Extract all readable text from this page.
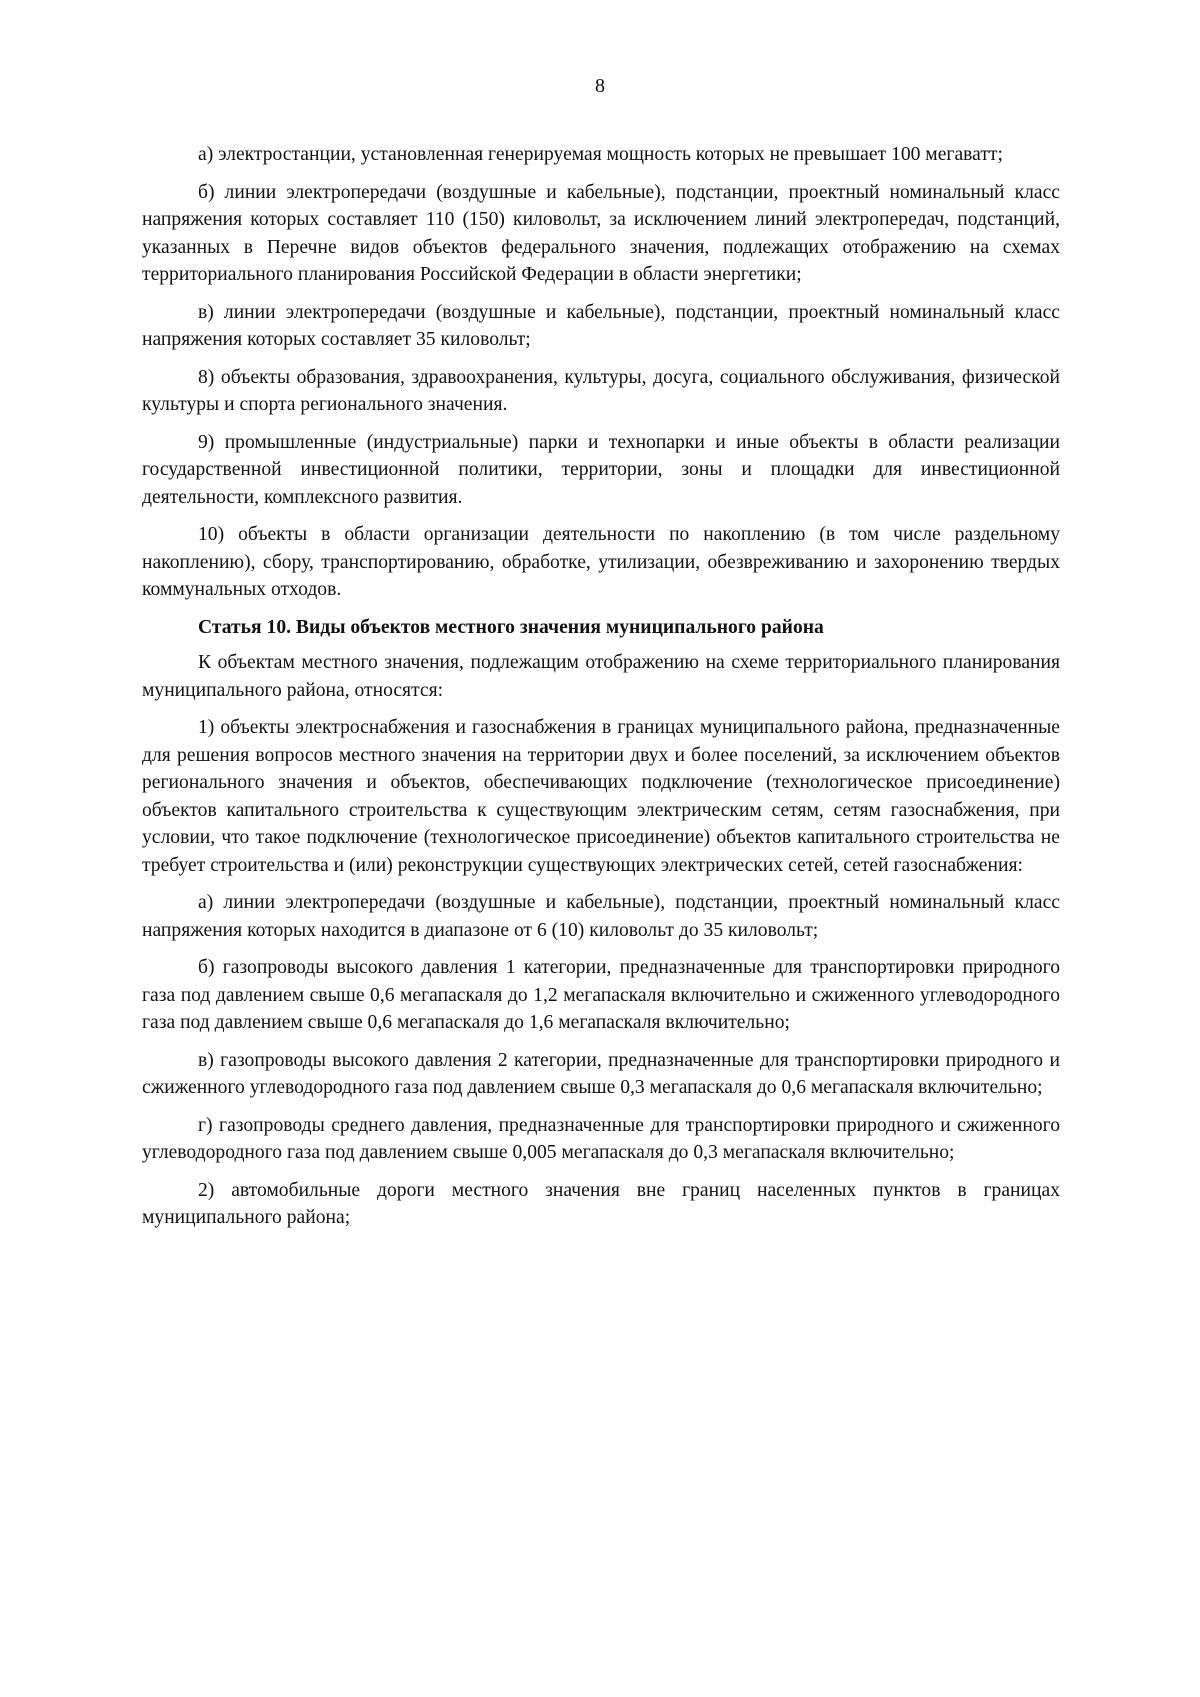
8

а) электростанции, установленная генерируемая мощность которых не превышает 100 мегаватт;

б) линии электропередачи (воздушные и кабельные), подстанции, проектный номинальный класс напряжения которых составляет 110 (150) киловольт, за исключением линий электропередач, подстанций, указанных в Перечне видов объектов федерального значения, подлежащих отображению на схемах территориального планирования Российской Федерации в области энергетики;

в) линии электропередачи (воздушные и кабельные), подстанции, проектный номинальный класс напряжения которых составляет 35 киловольт;

8) объекты образования, здравоохранения, культуры, досуга, социального обслуживания, физической культуры и спорта регионального значения.

9) промышленные (индустриальные) парки и технопарки и иные объекты в области реализации государственной инвестиционной политики, территории, зоны и площадки для инвестиционной деятельности, комплексного развития.

10) объекты в области организации деятельности по накоплению (в том числе раздельному накоплению), сбору, транспортированию, обработке, утилизации, обезвреживанию и захоронению твердых коммунальных отходов.

Статья 10. Виды объектов местного значения муниципального района

К объектам местного значения, подлежащим отображению на схеме территориального планирования муниципального района, относятся:

1) объекты электроснабжения и газоснабжения в границах муниципального района, предназначенные для решения вопросов местного значения на территории двух и более поселений, за исключением объектов регионального значения и объектов, обеспечивающих подключение (технологическое присоединение) объектов капитального строительства к существующим электрическим сетям, сетям газоснабжения, при условии, что такое подключение (технологическое присоединение) объектов капитального строительства не требует строительства и (или) реконструкции существующих электрических сетей, сетей газоснабжения:

а) линии электропередачи (воздушные и кабельные), подстанции, проектный номинальный класс напряжения которых находится в диапазоне от 6 (10) киловольт до 35 киловольт;

б) газопроводы высокого давления 1 категории, предназначенные для транспортировки природного газа под давлением свыше 0,6 мегапаскаля до 1,2 мегапаскаля включительно и сжиженного углеводородного газа под давлением свыше 0,6 мегапаскаля до 1,6 мегапаскаля включительно;

в) газопроводы высокого давления 2 категории, предназначенные для транспортировки природного и сжиженного углеводородного газа под давлением свыше 0,3 мегапаскаля до 0,6 мегапаскаля включительно;

г) газопроводы среднего давления, предназначенные для транспортировки природного и сжиженного углеводородного газа под давлением свыше 0,005 мегапаскаля до 0,3 мегапаскаля включительно;

2) автомобильные дороги местного значения вне границ населенных пунктов в границах муниципального района;
